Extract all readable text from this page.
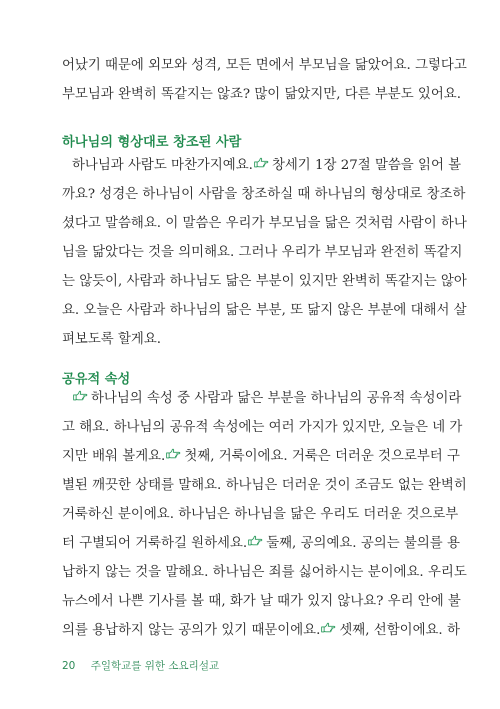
어났기 때문에 외모와 성격, 모든 면에서 부모님을 닮았어요. 그렇다고
부모님과 완벽히 똑같지는 않죠? 많이 닮았지만, 다른 부분도 있어요.
하나님의 형상대로 창조된 사람
하나님과 사람도 마찬가지예요. 창세기 1장 27절 말씀을 읽어 볼
까요? 성경은 하나님이 사람을 창조하실 때 하나님의 형상대로 창조하
셨다고 말씀해요. 이 말씀은 우리가 부모님을 닮은 것처럼 사람이 하나
님을 닮았다는 것을 의미해요. 그러나 우리가 부모님과 완전히 똑같지
는 않듯이, 사람과 하나님도 닮은 부분이 있지만 완벽히 똑같지는 않아
요. 오늘은 사람과 하나님의 닮은 부분, 또 닮지 않은 부분에 대해서 살
펴보도록 할게요.
공유적 속성
하나님의 속성 중 사람과 닮은 부분을 하나님의 공유적 속성이라
고 해요. 하나님의 공유적 속성에는 여러 가지가 있지만, 오늘은 네 가
지만 배워 볼게요. 첫째, 거룩이에요. 거룩은 더러운 것으로부터 구
별된 깨끗한 상태를 말해요. 하나님은 더러운 것이 조금도 없는 완벽히
거룩하신 분이에요. 하나님은 하나님을 닮은 우리도 더러운 것으로부
터 구별되어 거룩하길 원하세요. 둘째, 공의예요. 공의는 불의를 용
납하지 않는 것을 말해요. 하나님은 죄를 싫어하시는 분이에요. 우리도
뉴스에서 나쁜 기사를 볼 때, 화가 날 때가 있지 않나요? 우리 안에 불
의를 용납하지 않는 공의가 있기 때문이에요. 셋째, 선함이에요. 하
20 주일학교를 위한 소요리설교
